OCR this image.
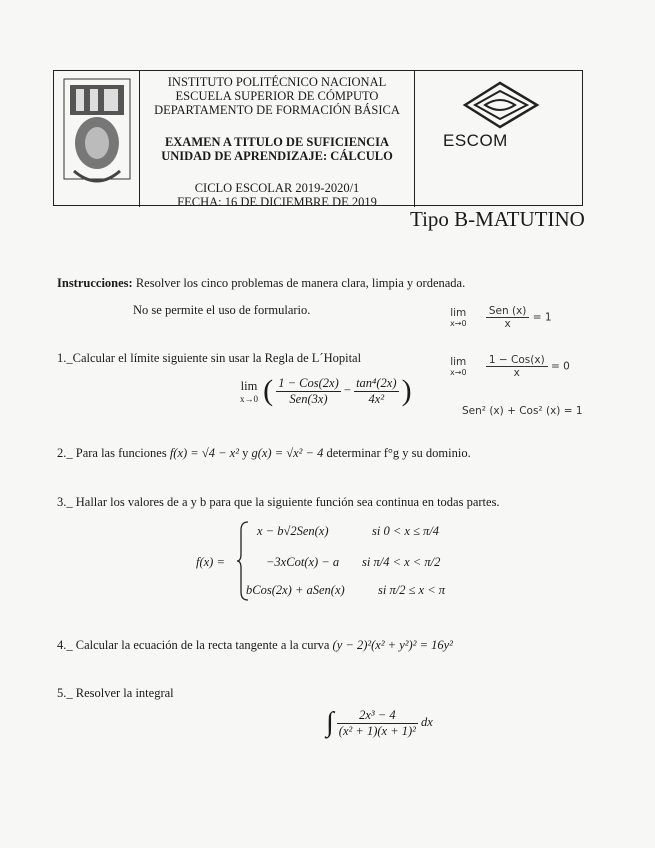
INSTITUTO POLITÉCNICO NACIONAL
ESCUELA SUPERIOR DE CÓMPUTO
DEPARTAMENTO DE FORMACIÓN BÁSICA
EXAMEN A TITULO DE SUFICIENCIA
UNIDAD DE APRENDIZAJE: CÁLCULO
CICLO ESCOLAR 2019-2020/1
FECHA: 16 DE DICIEMBRE DE 2019
ESCOM
Tipo B-MATUTINO
Instrucciones: Resolver los cinco problemas de manera clara, limpia y ordenada.
No se permite el uso de formulario.	lim
x→0

Sen (x)
x
= 1
lim
x→0

1 − Cos(x)
x
= 0
Sen² (x) + Cos² (x) = 1
1._Calcular el límite siguiente sin usar la Regla de L´Hopital
lim
x→0 ( $\frac{\text{1 − Cos(2x)}}{\text{Sen(3x)}} - \frac{\text{tan⁴(2x)}}{\text{4x²}}$ )
2._ Para las funciones f(x) = √4 − x² y g(x) = √x² − 4 determinar f°g y su dominio.
3._ Hallar los valores de a y b para que la siguiente función sea continua en todas partes.
f(x) =
x − b√2Sen(x)	si 0 < x ≤ π/4
−3xCot(x) − a si π/4 < x < π/2
bCos(2x) + aSen(x)	si π/2 ≤ x < π
4._ Calcular la ecuación de la recta tangente a la curva (y − 2)²(x² + y²)² = 16y²
5._ Resolver la integral
∫ $\frac{\text{2x³ − 4}}{\text{(x² + 1)(x + 1)²}}$ dx
